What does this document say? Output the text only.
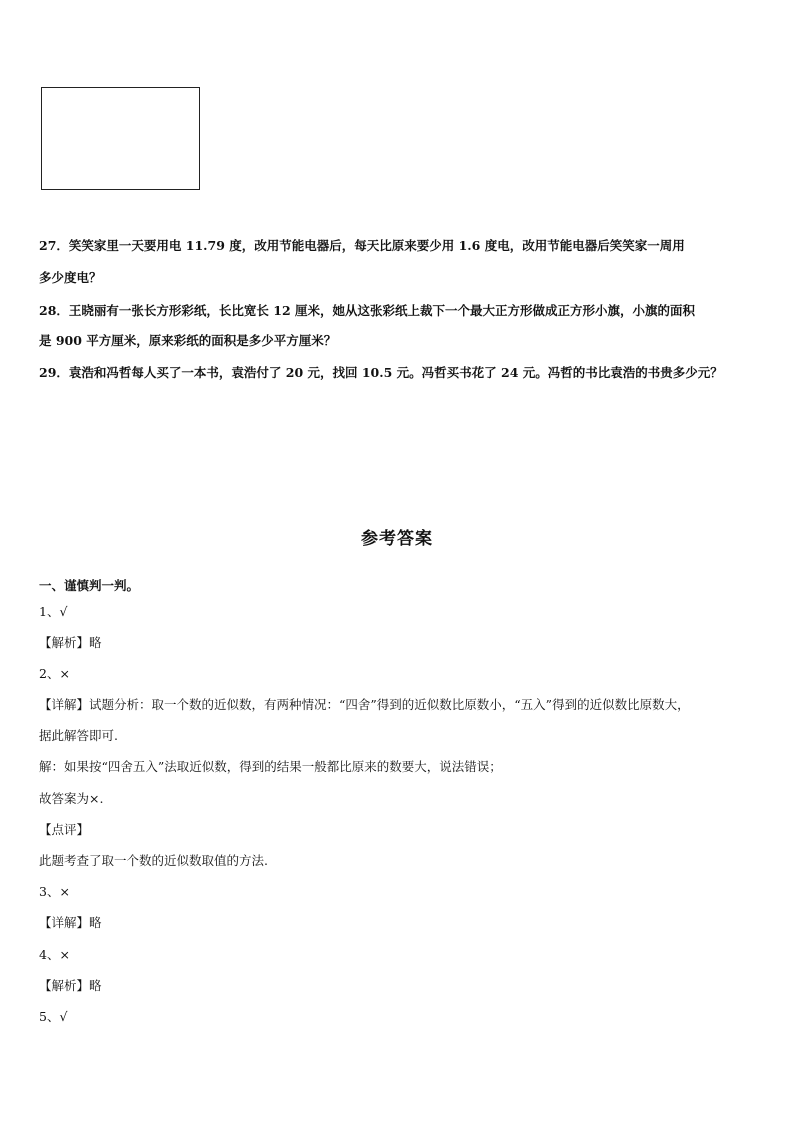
27．笑笑家里一天要用电 11.79 度，改用节能电器后，每天比原来要少用 1.6 度电，改用节能电器后笑笑家一周用
多少度电？
28．王晓丽有一张长方形彩纸，长比宽长 12 厘米，她从这张彩纸上裁下一个最大正方形做成正方形小旗，小旗的面积
是 900 平方厘米，原来彩纸的面积是多少平方厘米？
29．袁浩和冯哲每人买了一本书，袁浩付了 20 元，找回 10.5 元。冯哲买书花了 24 元。冯哲的书比袁浩的书贵多少元？
参考答案
一、谨慎判一判。
1、√
【解析】略
2、×
【详解】试题分析：取一个数的近似数，有两种情况：“四舍”得到的近似数比原数小，“五入”得到的近似数比原数大，
据此解答即可.
解：如果按“四舍五入”法取近似数，得到的结果一般都比原来的数要大，说法错误；
故答案为×.
【点评】
此题考查了取一个数的近似数取值的方法.
3、×
【详解】略
4、×
【解析】略
5、√
